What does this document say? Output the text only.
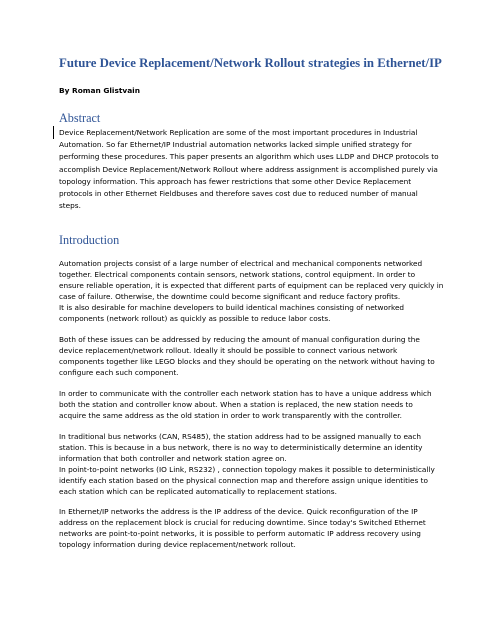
Future Device Replacement/Network Rollout strategies in Ethernet/IP
By Roman Glistvain
Abstract
Device Replacement/Network Replication are some of the most important procedures in Industrial
Automation. So far Ethernet/IP Industrial automation networks lacked simple unified strategy for
performing these procedures. This paper presents an algorithm which uses LLDP and DHCP protocols to
accomplish Device Replacement/Network Rollout where address assignment is accomplished purely via
topology information. This approach has fewer restrictions that some other Device Replacement
protocols in other Ethernet Fieldbuses and therefore saves cost due to reduced number of manual
steps.
Introduction
Automation projects consist of a large number of electrical and mechanical components networked
together. Electrical components contain sensors, network stations, control equipment. In order to
ensure reliable operation, it is expected that different parts of equipment can be replaced very quickly in
case of failure. Otherwise, the downtime could become significant and reduce factory profits.
It is also desirable for machine developers to build identical machines consisting of networked
components (network rollout) as quickly as possible to reduce labor costs.
Both of these issues can be addressed by reducing the amount of manual configuration during the
device replacement/network rollout. Ideally it should be possible to connect various network
components together like LEGO blocks and they should be operating on the network without having to
configure each such component.
In order to communicate with the controller each network station has to have a unique address which
both the station and controller know about. When a station is replaced, the new station needs to
acquire the same address as the old station in order to work transparently with the controller.
In traditional bus networks (CAN, RS485), the station address had to be assigned manually to each
station. This is because in a bus network, there is no way to deterministically determine an identity
information that both controller and network station agree on.
In point-to-point networks (IO Link, RS232) , connection topology makes it possible to deterministically
identify each station based on the physical connection map and therefore assign unique identities to
each station which can be replicated automatically to replacement stations.
In Ethernet/IP networks the address is the IP address of the device. Quick reconfiguration of the IP
address on the replacement block is crucial for reducing downtime. Since today's Switched Ethernet
networks are point-to-point networks, it is possible to perform automatic IP address recovery using
topology information during device replacement/network rollout.
